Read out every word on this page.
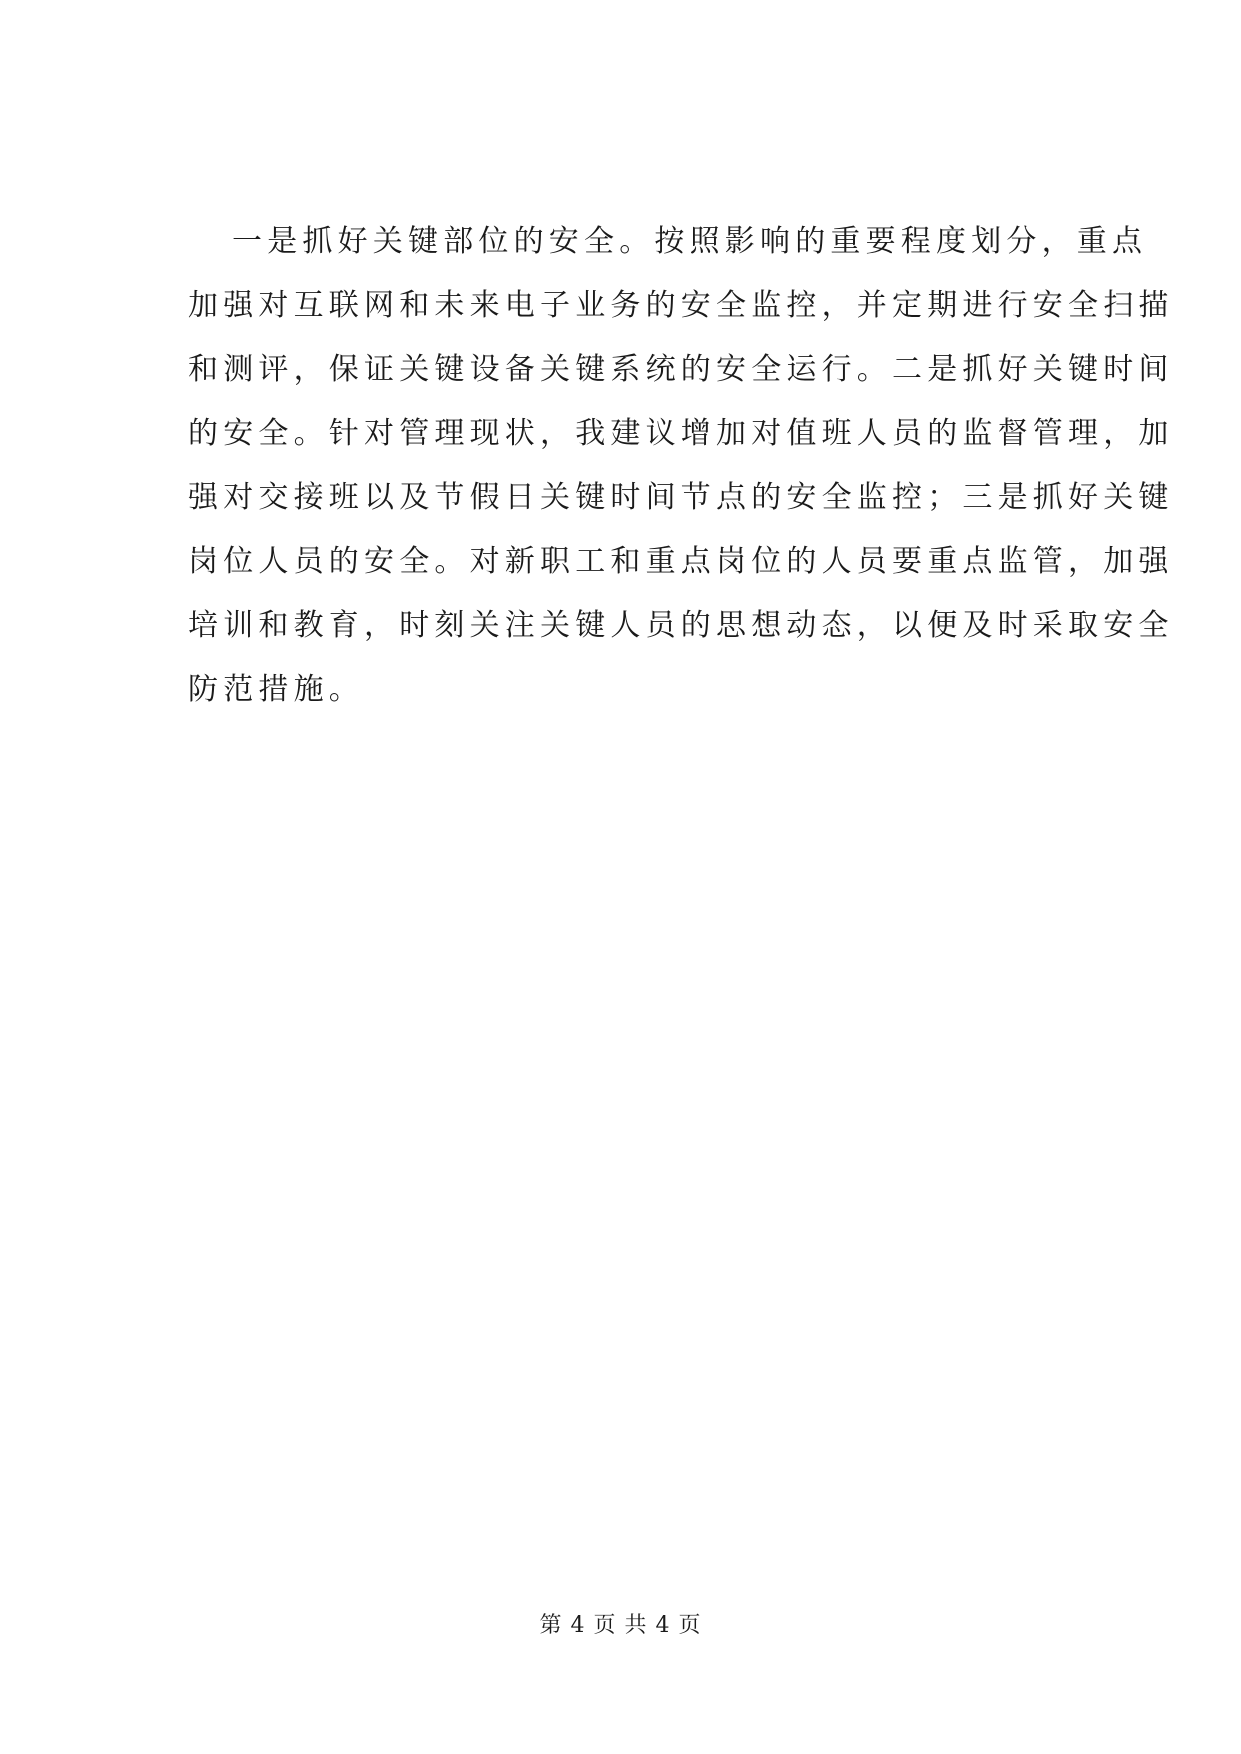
一是抓好关键部位的安全。按照影响的重要程度划分，重点
加强对互联网和未来电子业务的安全监控，并定期进行安全扫描
和测评，保证关键设备关键系统的安全运行。二是抓好关键时间
的安全。针对管理现状，我建议增加对值班人员的监督管理，加
强对交接班以及节假日关键时间节点的安全监控；三是抓好关键
岗位人员的安全。对新职工和重点岗位的人员要重点监管，加强
培训和教育，时刻关注关键人员的思想动态，以便及时采取安全
防范措施。
第 4 页 共 4 页
